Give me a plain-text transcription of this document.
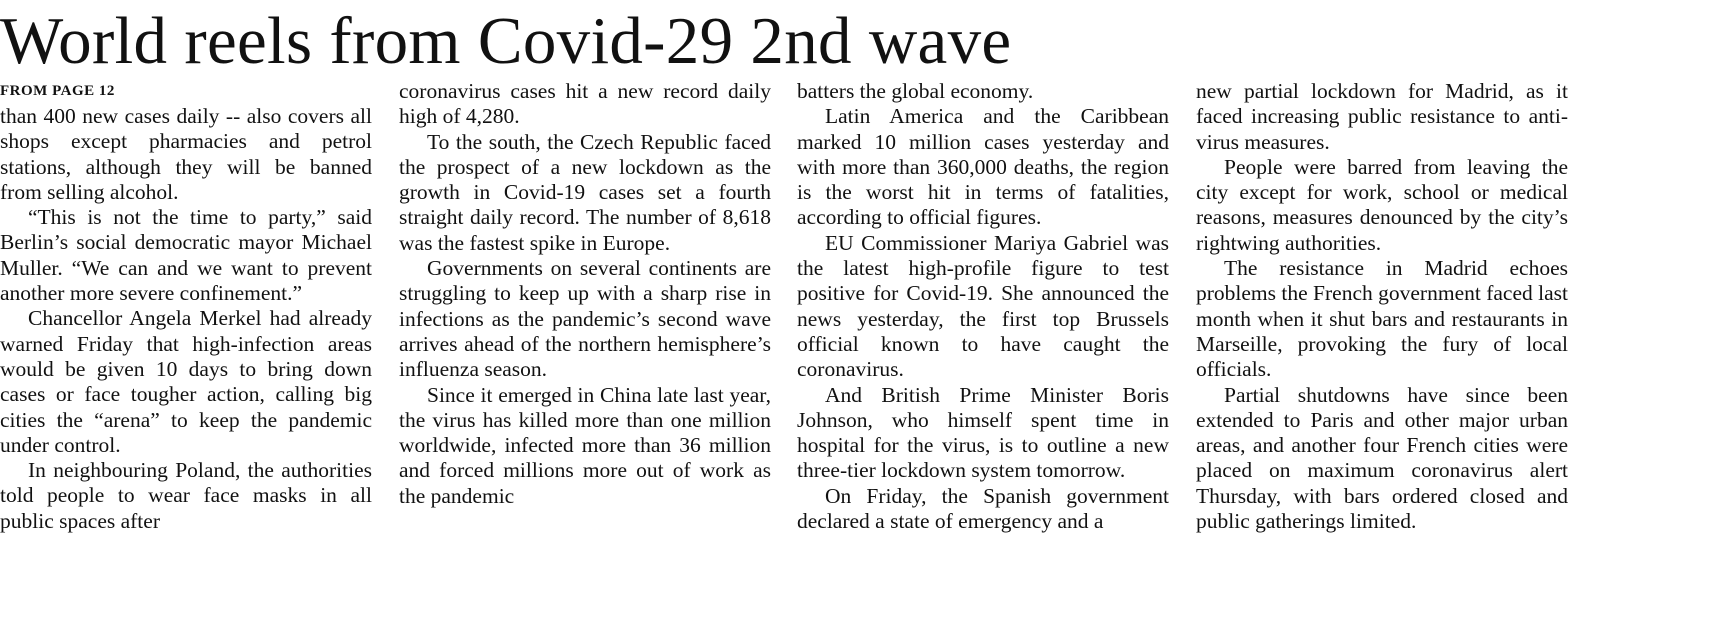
World reels from Covid-29 2nd wave
FROM PAGE 12

than 400 new cases daily -- also covers all shops except pharmacies and petrol stations, although they will be banned from selling alcohol.

“This is not the time to party,” said Berlin’s social democratic mayor Michael Muller. “We can and we want to prevent another more severe confinement.”

Chancellor Angela Merkel had already warned Friday that high-infection areas would be given 10 days to bring down cases or face tougher action, calling big cities the “arena” to keep the pandemic under control.

In neighbouring Poland, the authorities told people to wear face masks in all public spaces after

coronavirus cases hit a new record daily high of 4,280.

To the south, the Czech Republic faced the prospect of a new lockdown as the growth in Covid-19 cases set a fourth straight daily record. The number of 8,618 was the fastest spike in Europe.

Governments on several continents are struggling to keep up with a sharp rise in infections as the pandemic’s second wave arrives ahead of the northern hemisphere’s influenza season.

Since it emerged in China late last year, the virus has killed more than one million worldwide, infected more than 36 million and forced millions more out of work as the pandemic

batters the global economy.

Latin America and the Caribbean marked 10 million cases yesterday and with more than 360,000 deaths, the region is the worst hit in terms of fatalities, according to official figures.

EU Commissioner Mariya Gabriel was the latest high-profile figure to test positive for Covid-19. She announced the news yesterday, the first top Brussels official known to have caught the coronavirus.

And British Prime Minister Boris Johnson, who himself spent time in hospital for the virus, is to outline a new three-tier lockdown system tomorrow.

On Friday, the Spanish government declared a state of emergency and a

new partial lockdown for Madrid, as it faced increasing public resistance to anti-virus measures.

People were barred from leaving the city except for work, school or medical reasons, measures denounced by the city’s rightwing authorities.

The resistance in Madrid echoes problems the French government faced last month when it shut bars and restaurants in Marseille, provoking the fury of local officials.

Partial shutdowns have since been extended to Paris and other major urban areas, and another four French cities were placed on maximum coronavirus alert Thursday, with bars ordered closed and public gatherings limited.
